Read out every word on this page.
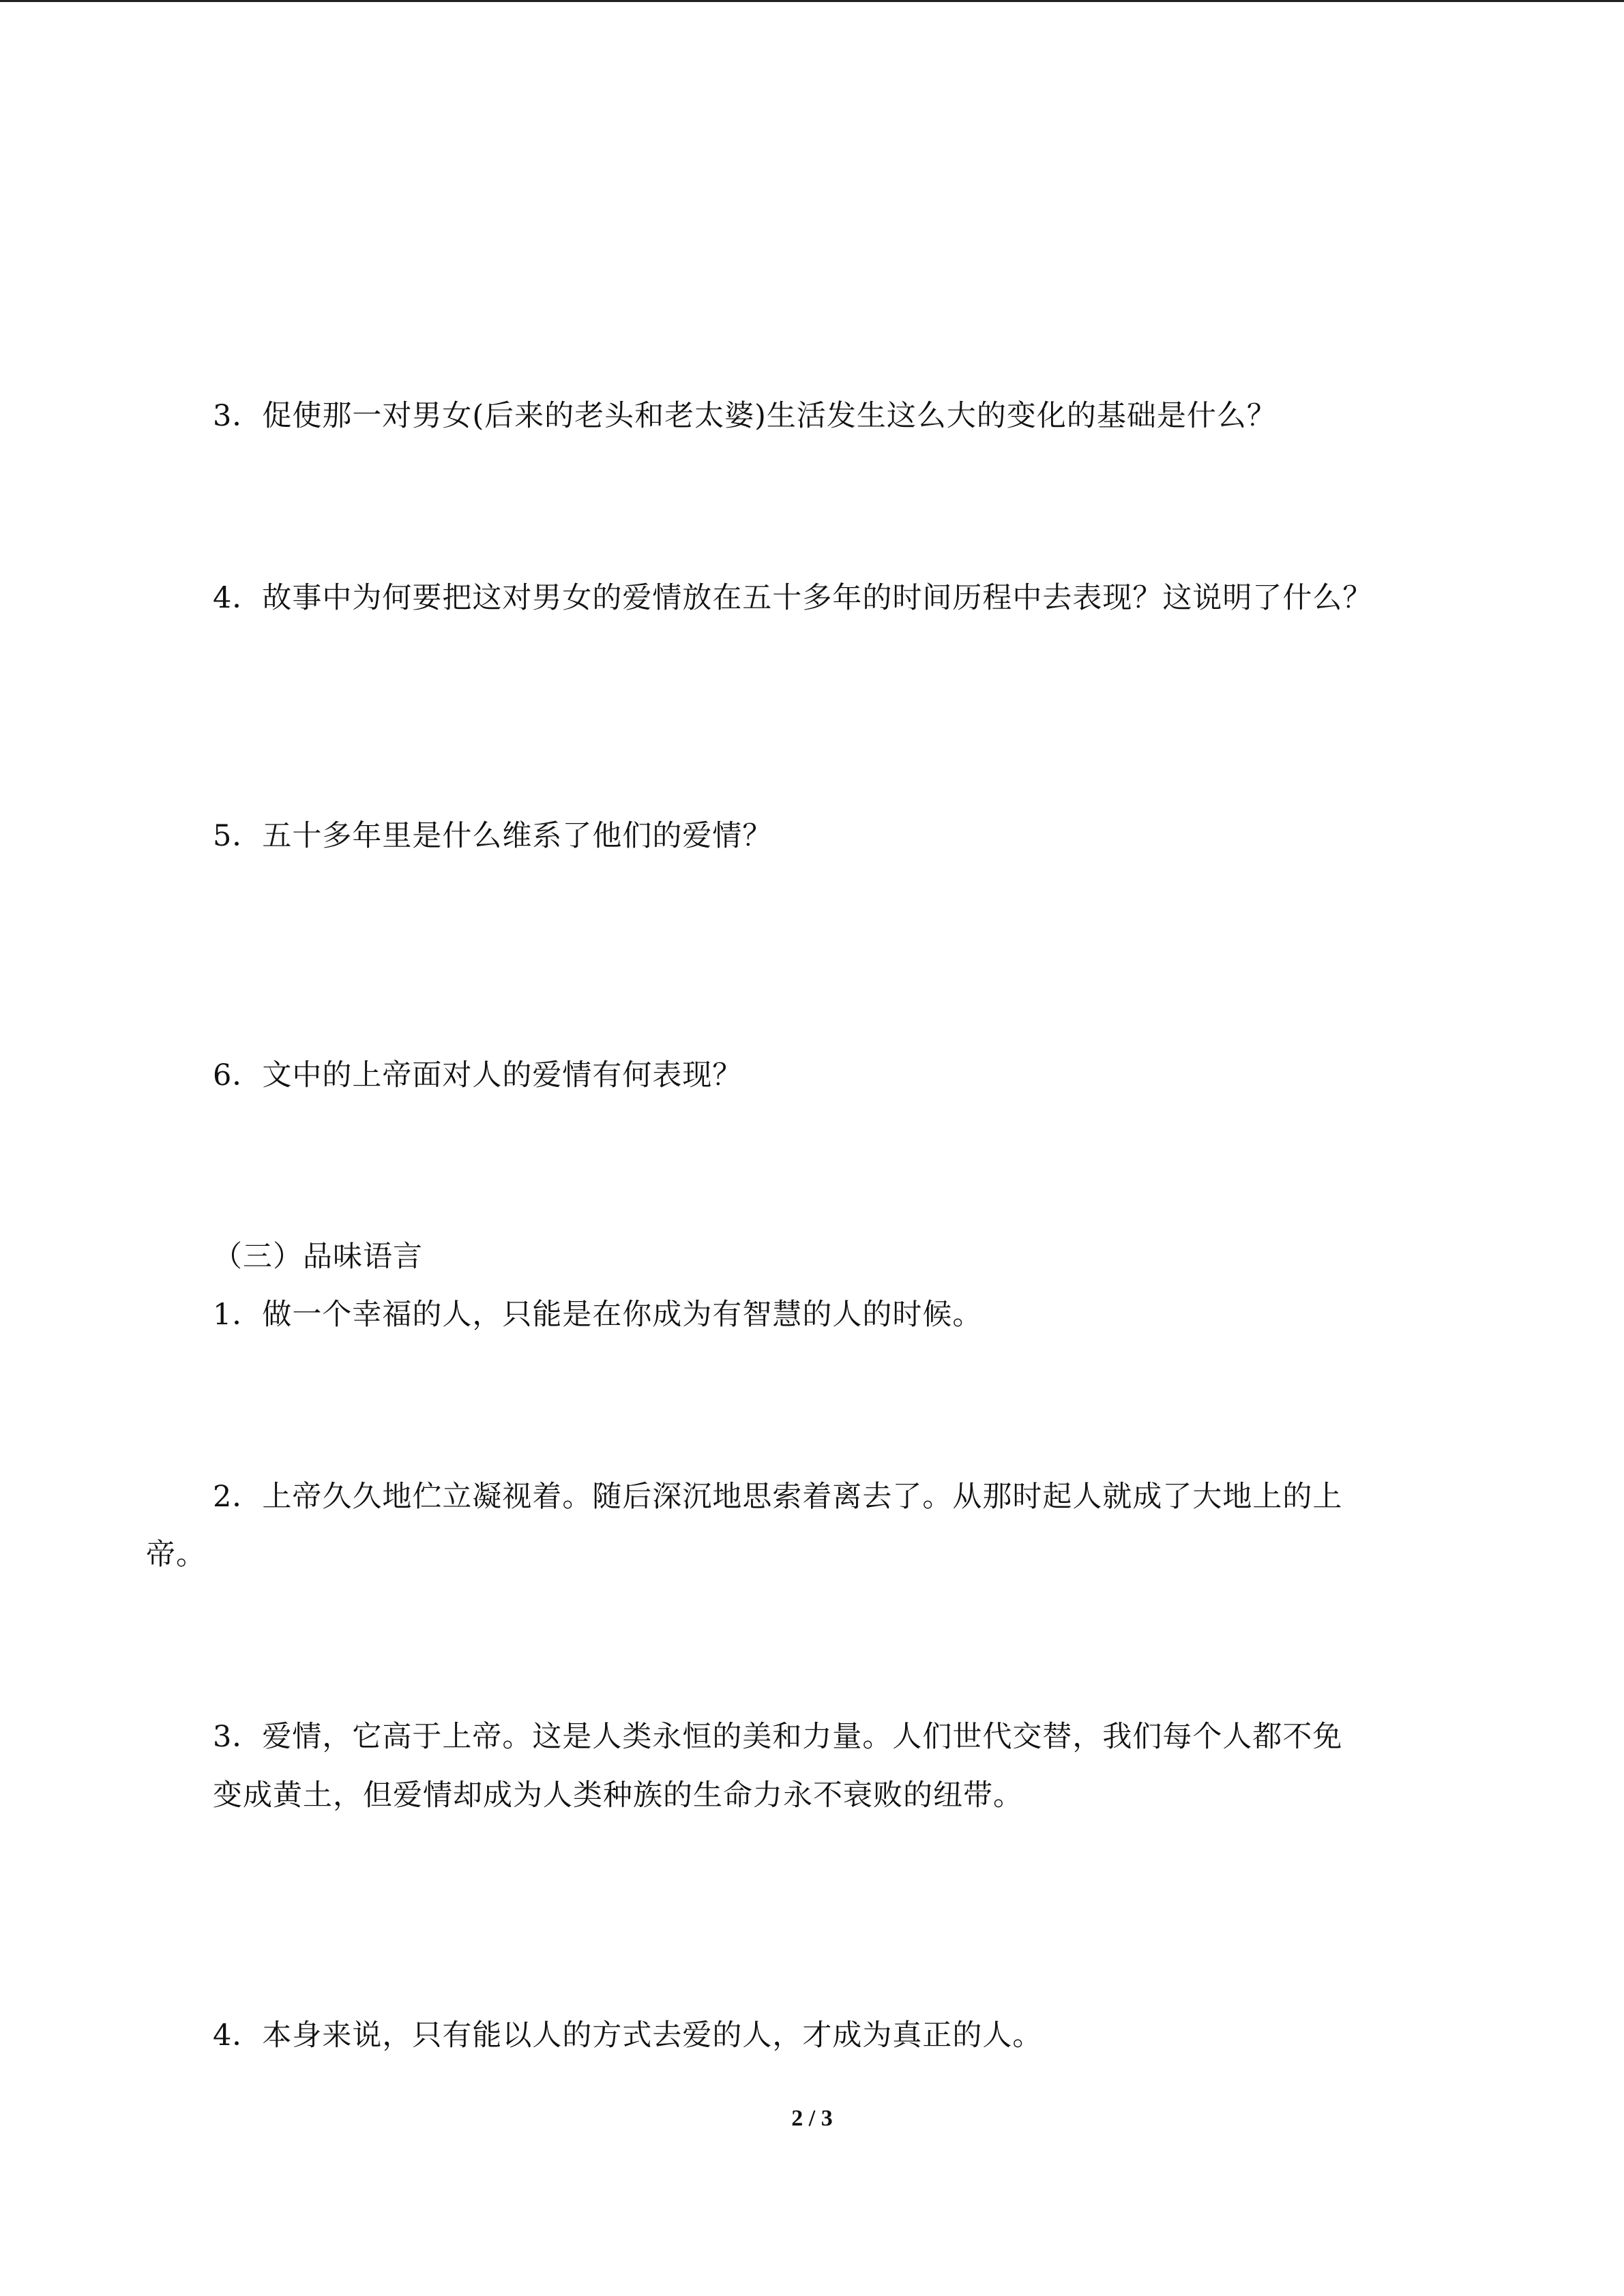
3．促使那一对男女(后来的老头和老太婆)生活发生这么大的变化的基础是什么？
4．故事中为何要把这对男女的爱情放在五十多年的时间历程中去表现？这说明了什么？
5．五十多年里是什么维系了他们的爱情？
6．文中的上帝面对人的爱情有何表现？
（三）品味语言
1．做一个幸福的人，只能是在你成为有智慧的人的时候。
2．上帝久久地伫立凝视着。随后深沉地思索着离去了。从那时起人就成了大地上的上
帝。
3．爱情，它高于上帝。这是人类永恒的美和力量。人们世代交替，我们每个人都不免
变成黄土，但爱情却成为人类种族的生命力永不衰败的纽带。
4．本身来说，只有能以人的方式去爱的人，才成为真正的人。
2 / 3
